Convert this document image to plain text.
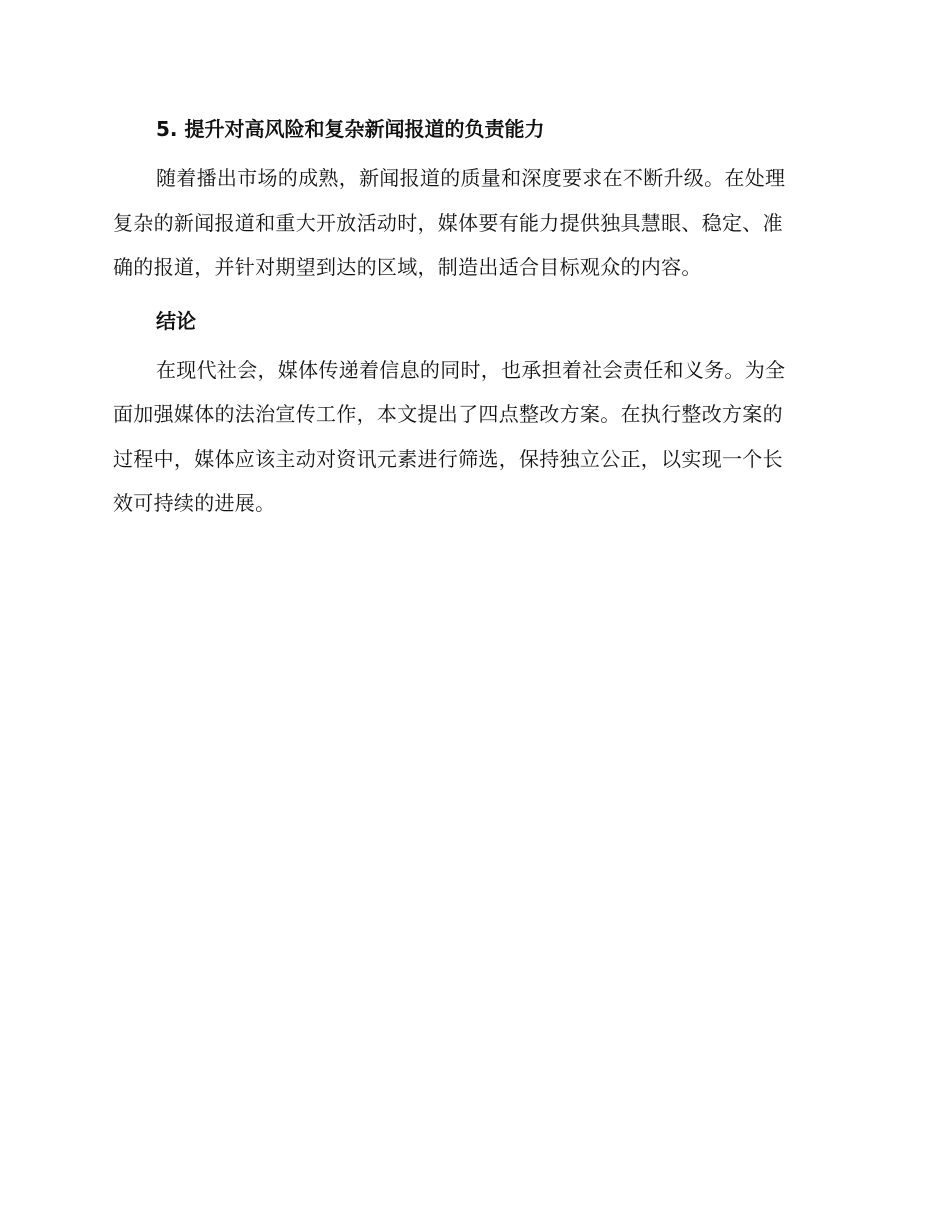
5. 提升对高风险和复杂新闻报道的负责能力
随着播出市场的成熟，新闻报道的质量和深度要求在不断升级。在处理
复杂的新闻报道和重大开放活动时，媒体要有能力提供独具慧眼、稳定、准
确的报道，并针对期望到达的区域，制造出适合目标观众的内容。
结论
在现代社会，媒体传递着信息的同时，也承担着社会责任和义务。为全
面加强媒体的法治宣传工作，本文提出了四点整改方案。在执行整改方案的
过程中，媒体应该主动对资讯元素进行筛选，保持独立公正，以实现一个长
效可持续的进展。
